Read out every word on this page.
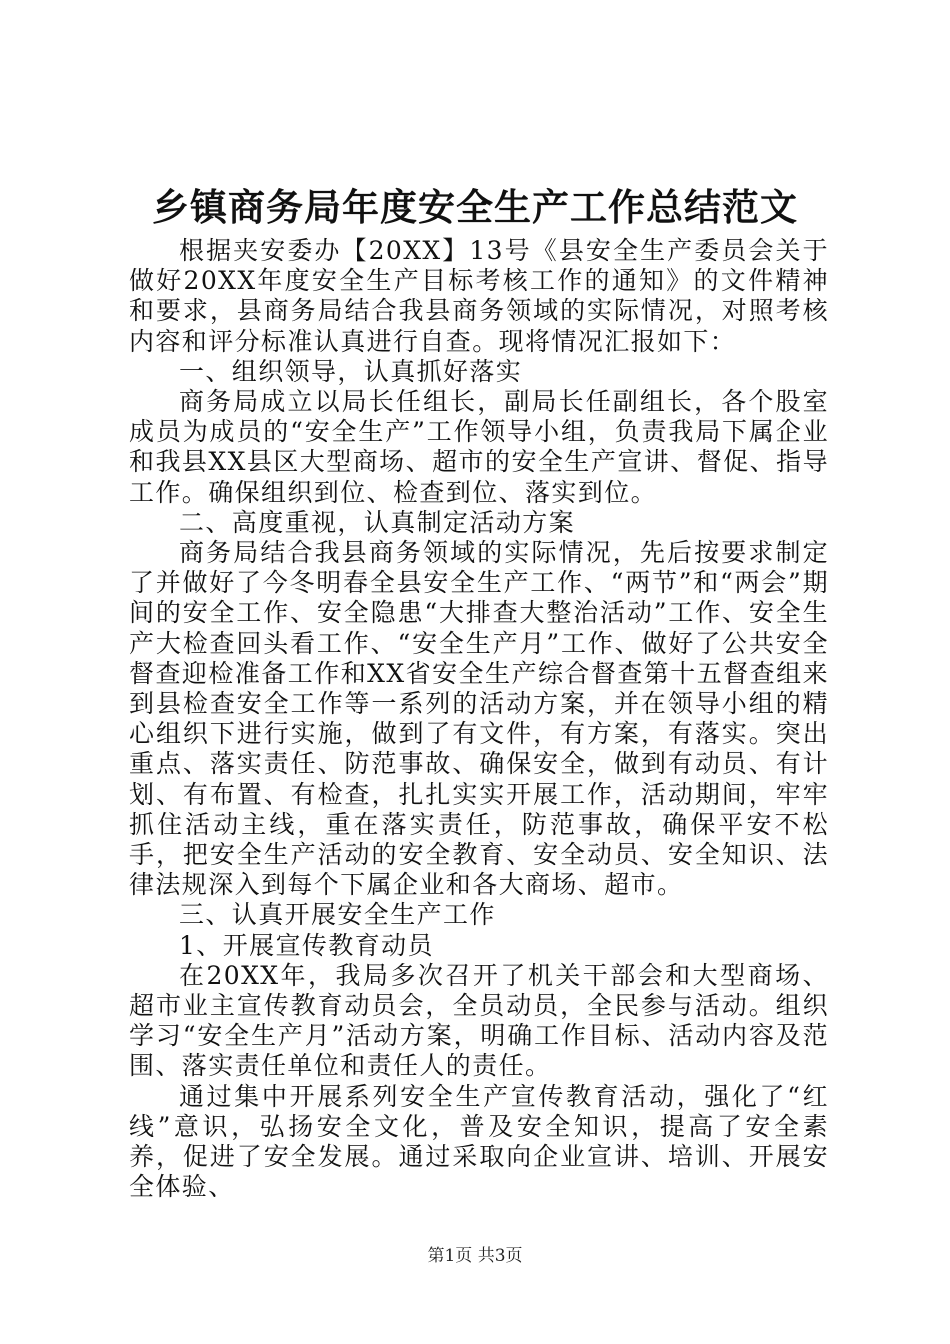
乡镇商务局年度安全生产工作总结范文

根据夹安委办【20XX】13号《县安全生产委员会关于做好20XX年度安全生产目标考核工作的通知》的文件精神和要求，县商务局结合我县商务领域的实际情况，对照考核内容和评分标准认真进行自查。现将情况汇报如下：

一、组织领导，认真抓好落实

商务局成立以局长任组长，副局长任副组长，各个股室成员为成员的“安全生产”工作领导小组，负责我局下属企业和我县XX县区大型商场、超市的安全生产宣讲、督促、指导工作。确保组织到位、检查到位、落实到位。

二、高度重视，认真制定活动方案

商务局结合我县商务领域的实际情况，先后按要求制定了并做好了今冬明春全县安全生产工作、“两节”和“两会”期间的安全工作、安全隐患“大排查大整治活动”工作、安全生产大检查回头看工作、“安全生产月”工作、做好了公共安全督查迎检准备工作和XX省安全生产综合督查第十五督查组来到县检查安全工作等一系列的活动方案，并在领导小组的精心组织下进行实施，做到了有文件，有方案，有落实。突出重点、落实责任、防范事故、确保安全，做到有动员、有计划、有布置、有检查，扎扎实实开展工作，活动期间，牢牢抓住活动主线，重在落实责任，防范事故，确保平安不松手，把安全生产活动的安全教育、安全动员、安全知识、法律法规深入到每个下属企业和各大商场、超市。

三、认真开展安全生产工作

1、开展宣传教育动员

在20XX年，我局多次召开了机关干部会和大型商场、超市业主宣传教育动员会，全员动员，全民参与活动。组织学习“安全生产月”活动方案，明确工作目标、活动内容及范围、落实责任单位和责任人的责任。

通过集中开展系列安全生产宣传教育活动，强化了“红线”意识，弘扬安全文化，普及安全知识，提高了安全素养，促进了安全发展。通过采取向企业宣讲、培训、开展安全体验、

第1页 共3页
